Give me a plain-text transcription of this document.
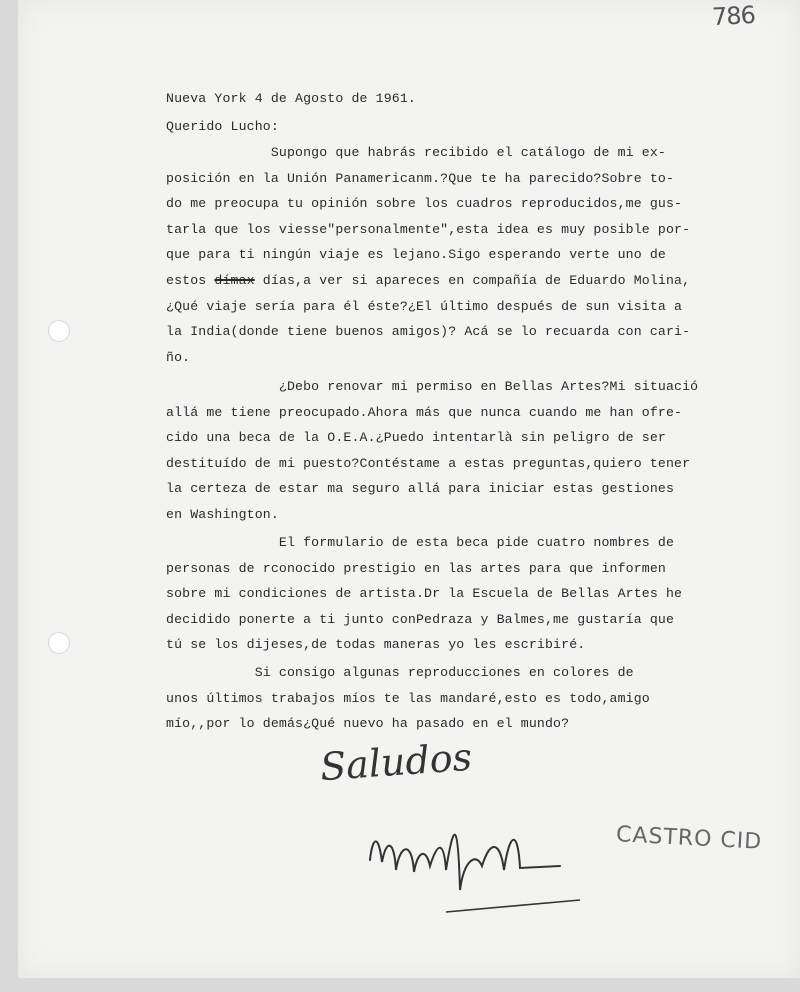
786
Nueva York 4 de Agosto de 1961.
Querido Lucho:
Supongo que habrás recibido el catálogo de mi ex-
posición en la Unión Panamericanm.?Que te ha parecido?Sobre to-
do me preocupa tu opinión sobre los cuadros reproducidos,me gus-
tarla que los viesse"personalmente",esta idea es muy posible por-
que para ti ningún viaje es lejano.Sigo esperando verte uno de
estos dímax días,a ver si apareces en compañía de Eduardo Molina,
¿Qué viaje sería para él éste?¿El último después de sun visita a
la India(donde tiene buenos amigos)? Acá se lo recuarda con cari-
ño.
¿Debo renovar mi permiso en Bellas Artes?Mi situació
allá me tiene preocupado.Ahora más que nunca cuando me han ofre-
cido una beca de la O.E.A.¿Puedo intentarlà sin peligro de ser
destituído de mi puesto?Contéstame a estas preguntas,quiero tener
la certeza de estar ma seguro allá para iniciar estas gestiones
en Washington.
El formulario de esta beca pide cuatro nombres de
personas de rconocido prestigio en las artes para que informen
sobre mi condiciones de artista.Dr la Escuela de Bellas Artes he
decidido ponerte a ti junto conPedraza y Balmes,me gustaría que
tú se los dijeses,de todas maneras yo les escribiré.
Si consigo algunas reproducciones en colores de
unos últimos trabajos míos te las mandaré,esto es todo,amigo
mío,,por lo demás¿Qué nuevo ha pasado en el mundo?
Saludos
CASTRO CID
